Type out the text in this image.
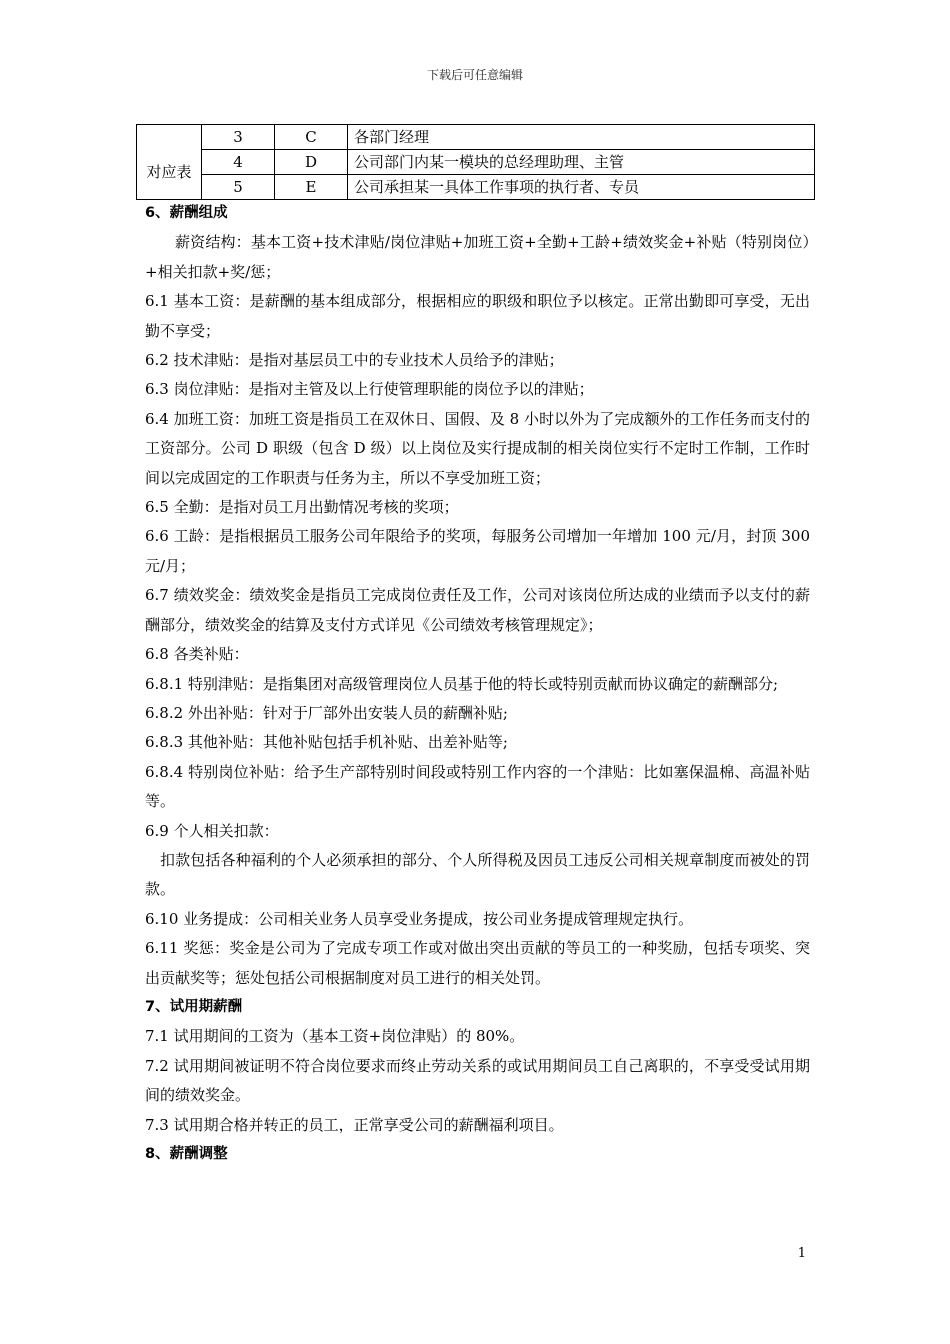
下载后可任意编辑
对应表	3	C	各部门经理
	4	D	公司部门内某一模块的总经理助理、主管
	5	E	公司承担某一具体工作事项的执行者、专员

6、薪酬组成

薪资结构：基本工资+技术津贴/岗位津贴+加班工资+全勤+工龄+绩效奖金+补贴（特别岗位）+相关扣款+奖/惩；

6.1 基本工资：是薪酬的基本组成部分，根据相应的职级和职位予以核定。正常出勤即可享受，无出勤不享受；

6.2 技术津贴：是指对基层员工中的专业技术人员给予的津贴；

6.3 岗位津贴：是指对主管及以上行使管理职能的岗位予以的津贴；

6.4 加班工资：加班工资是指员工在双休日、国假、及 8 小时以外为了完成额外的工作任务而支付的工资部分。公司 D 职级（包含 D 级）以上岗位及实行提成制的相关岗位实行不定时工作制，工作时间以完成固定的工作职责与任务为主，所以不享受加班工资；

6.5 全勤：是指对员工月出勤情况考核的奖项；

6.6 工龄：是指根据员工服务公司年限给予的奖项，每服务公司增加一年增加 100 元/月，封顶 300 元/月；

6.7 绩效奖金：绩效奖金是指员工完成岗位责任及工作，公司对该岗位所达成的业绩而予以支付的薪酬部分，绩效奖金的结算及支付方式详见《公司绩效考核管理规定》；

6.8 各类补贴：

6.8.1 特别津贴：是指集团对高级管理岗位人员基于他的特长或特别贡献而协议确定的薪酬部分;

6.8.2 外出补贴：针对于厂部外出安装人员的薪酬补贴;

6.8.3 其他补贴：其他补贴包括手机补贴、出差补贴等;

6.8.4 特别岗位补贴：给予生产部特别时间段或特别工作内容的一个津贴：比如塞保温棉、高温补贴等。

6.9 个人相关扣款：

扣款包括各种福利的个人必须承担的部分、个人所得税及因员工违反公司相关规章制度而被处的罚款。

6.10 业务提成：公司相关业务人员享受业务提成，按公司业务提成管理规定执行。

6.11 奖惩：奖金是公司为了完成专项工作或对做出突出贡献的等员工的一种奖励，包括专项奖、突出贡献奖等；惩处包括公司根据制度对员工进行的相关处罚。

7、试用期薪酬

7.1 试用期间的工资为（基本工资+岗位津贴）的 80%。

7.2 试用期间被证明不符合岗位要求而终止劳动关系的或试用期间员工自己离职的，不享受受试用期间的绩效奖金。

7.3 试用期合格并转正的员工，正常享受公司的薪酬福利项目。

8、薪酬调整

1
